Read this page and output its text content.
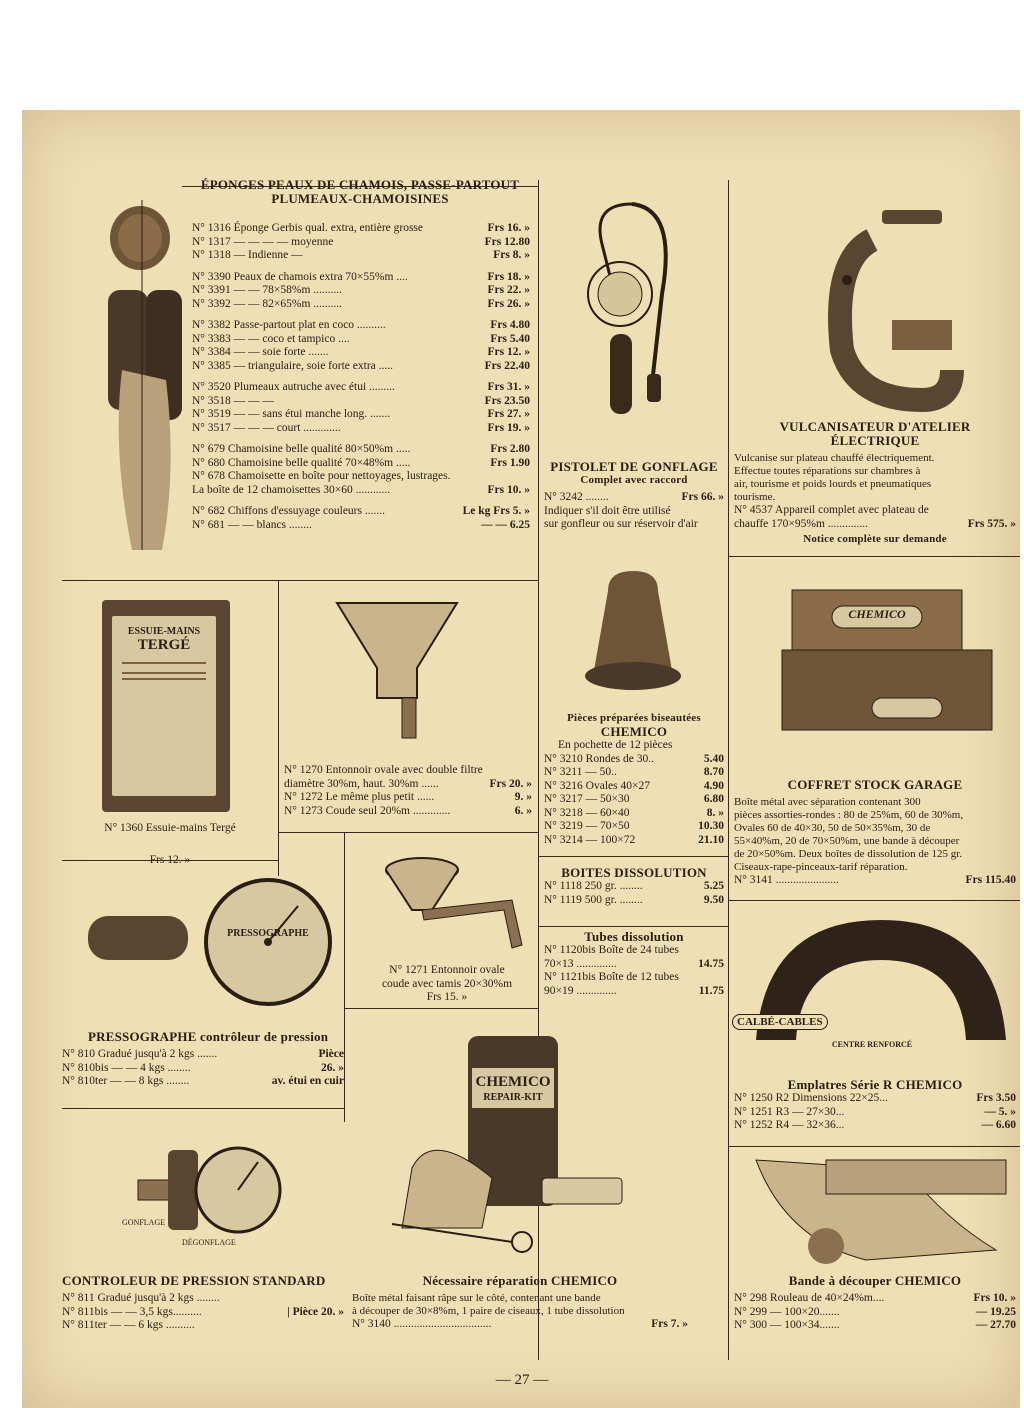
ÉPONGES PEAUX DE CHAMOIS, PASSE-PARTOUT
PLUMEAUX-CHAMOISINES
N° 1316 Éponge Gerbis qual. extra, entière grosse	Frs 16. »
N° 1317 — — — — moyenne	Frs 12.80
N° 1318 — Indienne —	Frs 8. »
N° 3390 Peaux de chamois extra 70×55%m ....	Frs 18. »
N° 3391 — — 78×58%m ..........	Frs 22. »
N° 3392 — — 82×65%m ..........	Frs 26. »
N° 3382 Passe-partout plat en coco ..........	Frs 4.80
N° 3383 — — coco et tampico ....	Frs 5.40
N° 3384 — — soie forte .......	Frs 12. »
N° 3385 — triangulaire, soie forte extra .....	Frs 22.40
N° 3520 Plumeaux autruche avec étui .........	Frs 31. »
N° 3518 — — —	Frs 23.50
N° 3519 — — sans étui manche long. .......	Frs 27. »
N° 3517 — — — court .............	Frs 19. »
N° 679 Chamoisine belle qualité 80×50%m .....	Frs 2.80
N° 680 Chamoisine belle qualité 70×48%m .....	Frs 1.90
N° 678 Chamoisette en boîte pour nettoyages, lustrages.
La boîte de 12 chamoisettes 30×60 ............	Frs 10. »
N° 682 Chiffons d'essuyage couleurs .......	Le kg Frs 5. »
N° 681 — — blancs ........	— — 6.25
PISTOLET DE GONFLAGE
Complet avec raccord
N° 3242 ........	Frs 66. »
Indiquer s'il doit être utilisé
sur gonfleur ou sur réservoir d'air
VULCANISATEUR D'ATELIER
ÉLECTRIQUE
Vulcanise sur plateau chauffé électriquement.
Effectue toutes réparations sur chambres à
air, tourisme et poids lourds et pneumatiques
tourisme.
N° 4537 Appareil complet avec plateau de
chauffe 170×95%m ..............	Frs 575. »
Notice complète sur demande
ESSUIE-MAINS
TERGÉ
N° 1360 Essuie-mains Tergé
Frs 12. »
N° 1270 Entonnoir ovale avec double filtre
diamètre 30%m, haut. 30%m ......	Frs 20. »
N° 1272 Le même plus petit ......	9. »
N° 1273 Coude seul 20%m .............	6. »
Pièces préparées biseautées
CHEMICO
En pochette de 12 pièces
N° 3210 Rondes de 30..	5.40
N° 3211 — 50..	8.70
N° 3216 Ovales 40×27	4.90
N° 3217 — 50×30	6.80
N° 3218 — 60×40	8. »
N° 3219 — 70×50	10.30
N° 3214 — 100×72	21.10
BOITES DISSOLUTION
N° 1118 250 gr. ........	5.25
N° 1119 500 gr. ........	9.50
Tubes dissolution
N° 1120bis Boîte de 24 tubes
70×13 ..............	14.75
N° 1121bis Boîte de 12 tubes
90×19 ..............	11.75
CHEMICO
COFFRET STOCK GARAGE
Boîte métal avec séparation contenant 300
pièces assorties-rondes : 80 de 25%m, 60 de 30%m,
Ovales 60 de 40×30, 50 de 50×35%m, 30 de
55×40%m, 20 de 70×50%m, une bande à découper
de 20×50%m. Deux boîtes de dissolution de 125 gr.
Ciseaux-rape-pinceaux-tarif réparation.
N° 3141 ......................	Frs 115.40
PRESSOGRAPHE
PRESSOGRAPHE contrôleur de pression
N° 810 Gradué jusqu'à 2 kgs .......	Pièce
N° 810bis — — 4 kgs ........	26. »
N° 810ter — — 8 kgs ........	av. étui en cuir
N° 1271 Entonnoir ovale
coude avec tamis 20×30%m
Frs 15. »
CALBÉ-CABLES
CENTRE RENFORCÉ
Emplatres Série R CHEMICO
N° 1250 R2 Dimensions 22×25...	Frs 3.50
N° 1251 R3 — 27×30...	— 5. »
N° 1252 R4 — 32×36...	— 6.60
GONFLAGE
DÉGONFLAGE
CONTROLEUR DE PRESSION STANDARD
N° 811 Gradué jusqu'à 2 kgs ........
N° 811bis — — 3,5 kgs..........	| Pièce 20. »
N° 811ter — — 6 kgs ..........
CHEMICO
REPAIR-KIT
Nécessaire réparation CHEMICO
Boîte métal faisant râpe sur le côté, contenant une bande
à découper de 30×8%m, 1 paire de ciseaux, 1 tube dissolution
N° 3140 ..................................	Frs 7. »
Bande à découper CHEMICO
N° 298 Rouleau de 40×24%m....	Frs 10. »
N° 299 — 100×20.......	— 19.25
N° 300 — 100×34.......	— 27.70
— 27 —
